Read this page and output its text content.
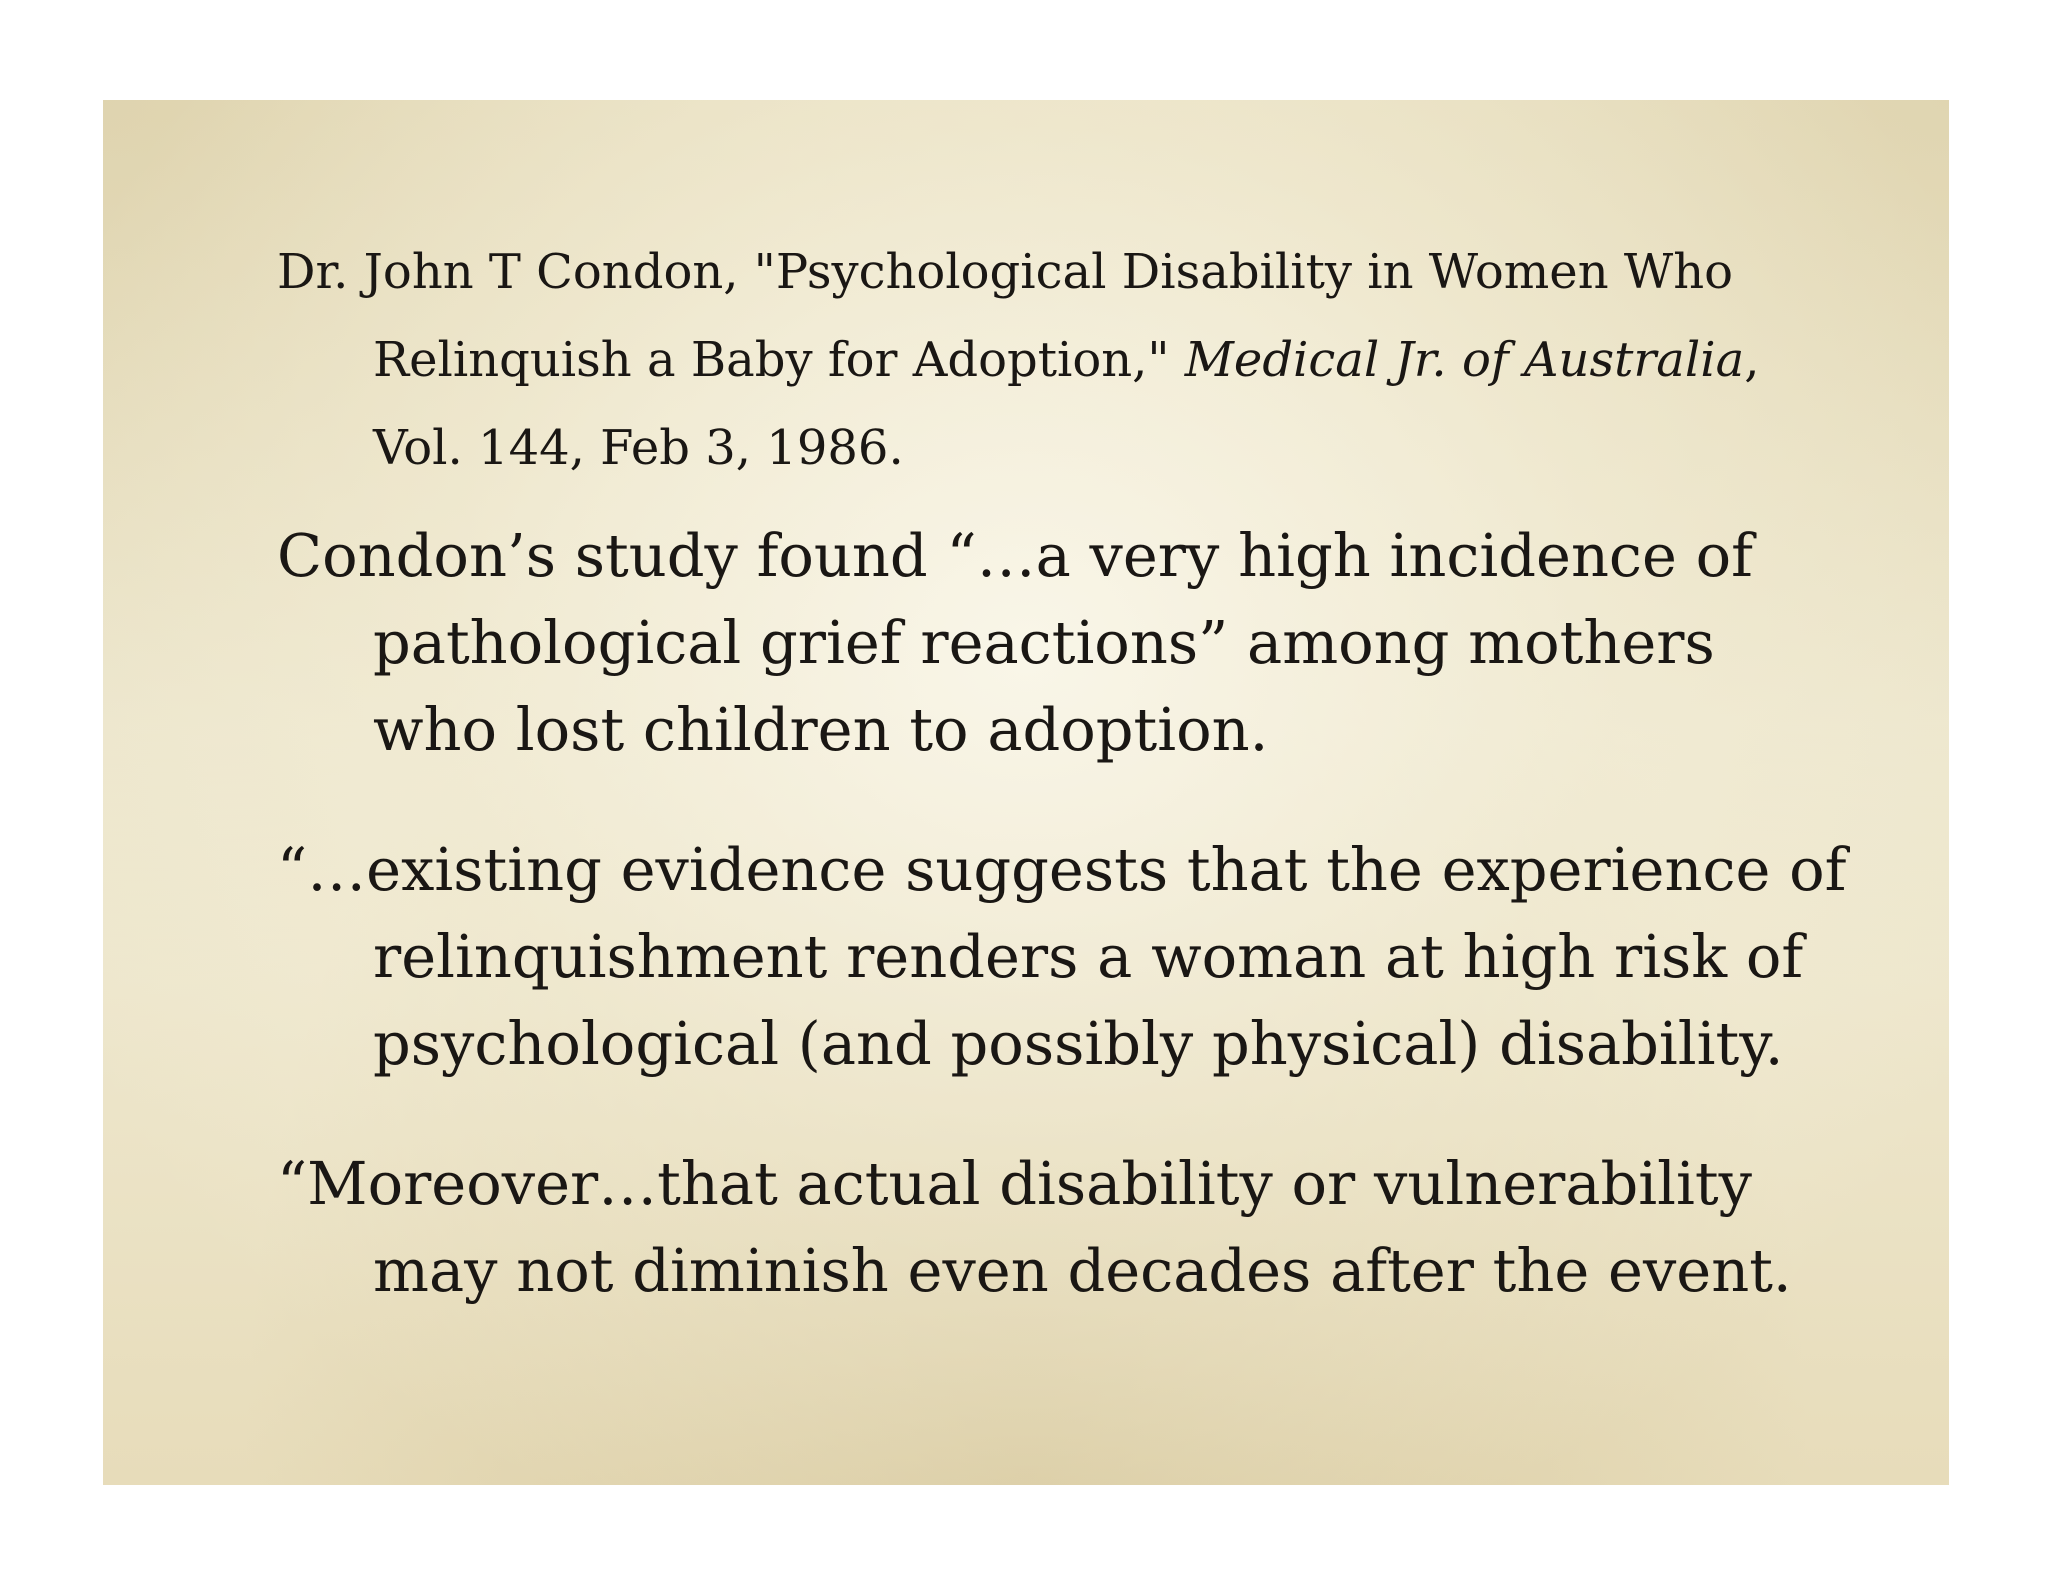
Dr. John T Condon, "Psychological Disability in Women Who Relinquish a Baby for Adoption," Medical Jr. of Australia, Vol. 144, Feb 3, 1986.

Condon’s study found “…a very high incidence of pathological grief reactions” among mothers who lost children to adoption.

“…existing evidence suggests that the experience of relinquishment renders a woman at high risk of psychological (and possibly physical) disability.

“Moreover…that actual disability or vulnerability may not diminish even decades after the event.
